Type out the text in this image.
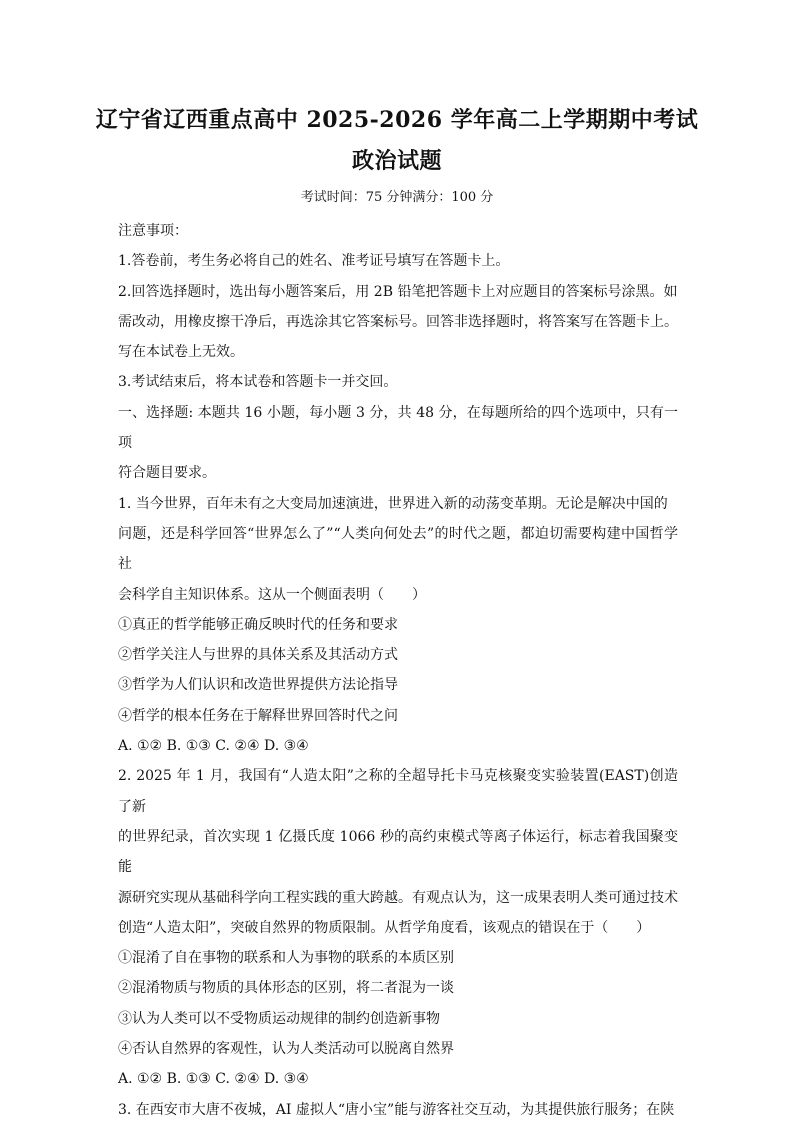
辽宁省辽西重点高中 2025-2026 学年高二上学期期中考试
政治试题
考试时间：75 分钟满分：100 分

注意事项：

1.答卷前，考生务必将自己的姓名、准考证号填写在答题卡上。

2.回答选择题时，选出每小题答案后，用 2B 铅笔把答题卡上对应题目的答案标号涂黑。如

需改动，用橡皮擦干净后，再选涂其它答案标号。回答非选择题时，将答案写在答题卡上。

写在本试卷上无效。

3.考试结束后，将本试卷和答题卡一并交回。

一、选择题: 本题共 16 小题，每小题 3 分，共 48 分，在每题所给的四个选项中，只有一项

符合题目要求。

1. 当今世界，百年未有之大变局加速演进，世界进入新的动荡变革期。无论是解决中国的

问题，还是科学回答“世界怎么了”“人类向何处去”的时代之题，都迫切需要构建中国哲学社

会科学自主知识体系。这从一个侧面表明（　　）

①真正的哲学能够正确反映时代的任务和要求

②哲学关注人与世界的具体关系及其活动方式

③哲学为人们认识和改造世界提供方法论指导

④哲学的根本任务在于解释世界回答时代之问

A. ①② B. ①③ C. ②④ D. ③④

2. 2025 年 1 月，我国有“人造太阳”之称的全超导托卡马克核聚变实验装置(EAST)创造了新

的世界纪录，首次实现 1 亿摄氏度 1066 秒的高约束模式等离子体运行，标志着我国聚变能

源研究实现从基础科学向工程实践的重大跨越。有观点认为，这一成果表明人类可通过技术

创造“人造太阳”，突破自然界的物质限制。从哲学角度看，该观点的错误在于（　　）

①混淆了自在事物的联系和人为事物的联系的本质区别

②混淆物质与物质的具体形态的区别，将二者混为一谈

③认为人类可以不受物质运动规律的制约创造新事物

④否认自然界的客观性，认为人类活动可以脱离自然界

A. ①② B. ①③ C. ②④ D. ③④

3. 在西安市大唐不夜城，AI 虚拟人“唐小宝”能与游客社交互动，为其提供旅行服务；在陕
